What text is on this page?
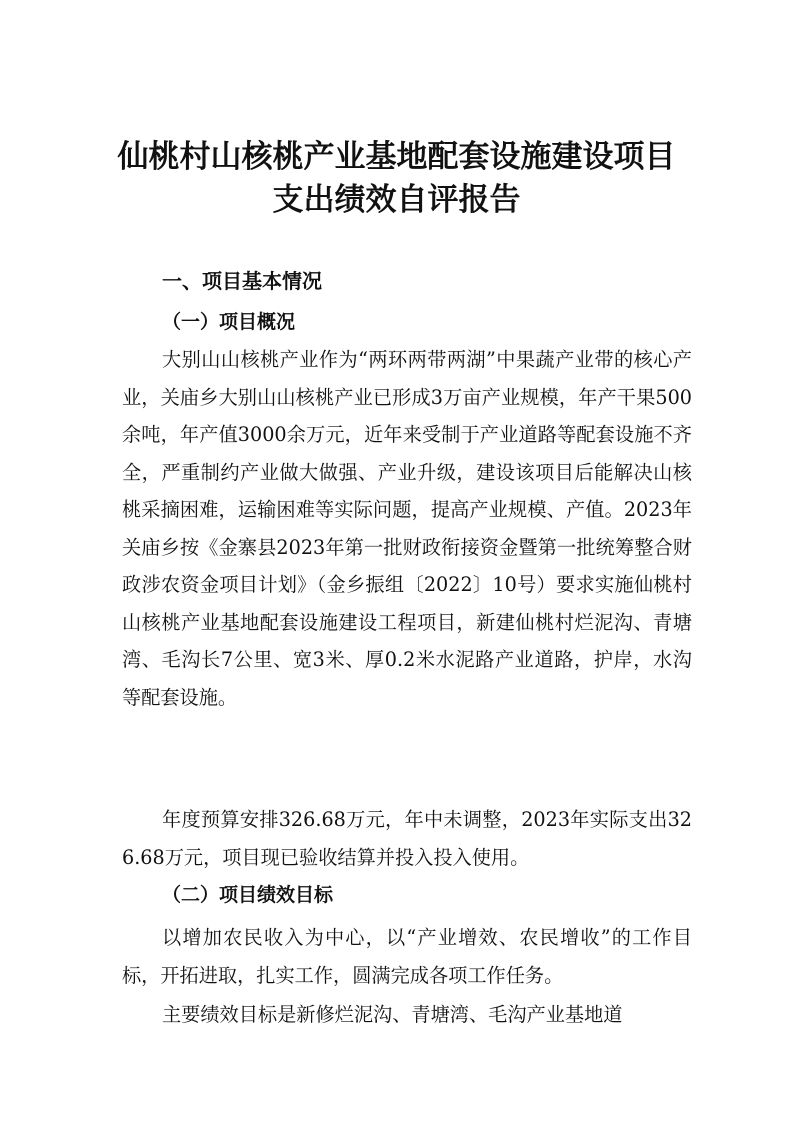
仙桃村山核桃产业基地配套设施建设项目
支出绩效自评报告
一、项目基本情况
（一）项目概况

大别山山核桃产业作为“两环两带两湖”中果蔬产业带的核心产业，关庙乡大别山山核桃产业已形成3万亩产业规模，年产干果500余吨，年产值3000余万元，近年来受制于产业道路等配套设施不齐全，严重制约产业做大做强、产业升级，建设该项目后能解决山核桃采摘困难，运输困难等实际问题，提高产业规模、产值。2023年关庙乡按《金寨县2023年第一批财政衔接资金暨第一批统筹整合财政涉农资金项目计划》（金乡振组〔2022〕10号）要求实施仙桃村山核桃产业基地配套设施建设工程项目，新建仙桃村烂泥沟、青塘湾、毛沟长7公里、宽3米、厚0.2米水泥路产业道路，护岸，水沟等配套设施。

年度预算安排326.68万元，年中未调整，2023年实际支出326.68万元，项目现已验收结算并投入投入使用。

（二）项目绩效目标

以增加农民收入为中心，以“产业增效、农民增收”的工作目标，开拓进取，扎实工作，圆满完成各项工作任务。

主要绩效目标是新修烂泥沟、青塘湾、毛沟产业基地道
